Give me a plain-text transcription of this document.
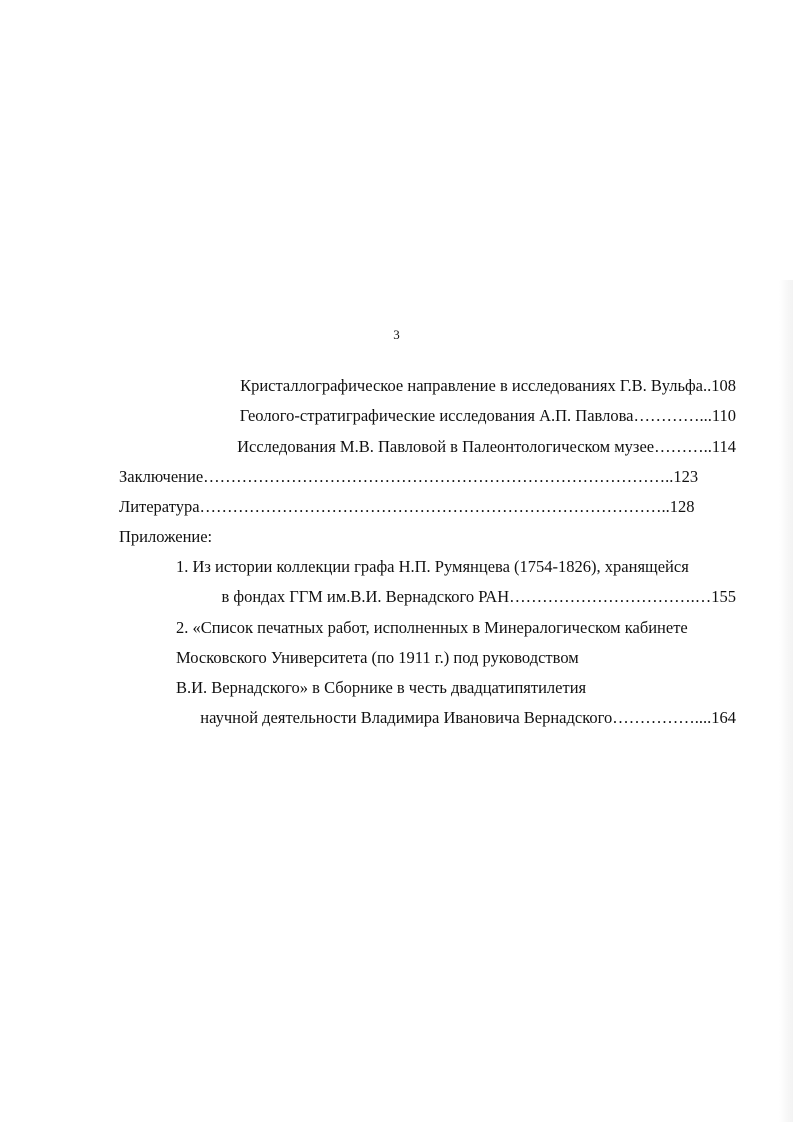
3
Кристаллографическое направление в исследованиях Г.В. Вульфа..108
Геолого-стратиграфические исследования А.П. Павлова…………...110
Исследования М.В. Павловой в Палеонтологическом музее………..114
Заключение…………………………………………………………………………..123
Литература…………………………………………………………………………..128
Приложение:
1. Из истории коллекции графа Н.П. Румянцева (1754-1826), хранящейся
в фондах ГГМ им.В.И. Вернадского РАН…………………………….…155
2. «Список печатных работ, исполненных в Минералогическом кабинете
Московского Университета (по 1911 г.) под руководством
В.И. Вернадского» в Сборнике в честь двадцатипятилетия
научной деятельности Владимира Ивановича Вернадского……………....164
